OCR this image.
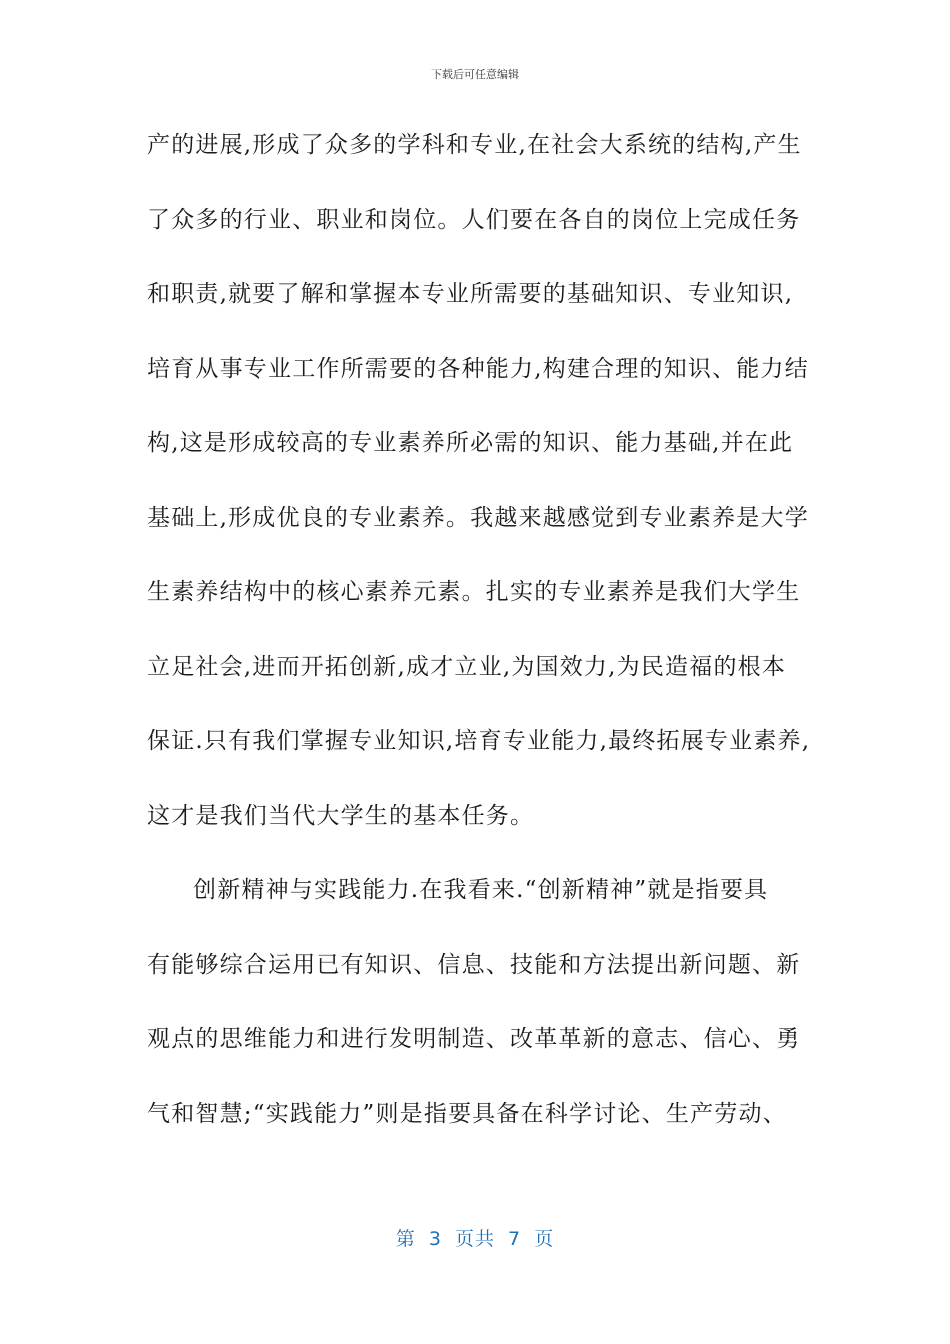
下载后可任意编辑
产的进展,形成了众多的学科和专业,在社会大系统的结构,产生
了众多的行业、职业和岗位。人们要在各自的岗位上完成任务
和职责,就要了解和掌握本专业所需要的基础知识、专业知识,
培育从事专业工作所需要的各种能力,构建合理的知识、能力结
构,这是形成较高的专业素养所必需的知识、能力基础,并在此
基础上,形成优良的专业素养。我越来越感觉到专业素养是大学
生素养结构中的核心素养元素。扎实的专业素养是我们大学生
立足社会,进而开拓创新,成才立业,为国效力,为民造福的根本
保证.只有我们掌握专业知识,培育专业能力,最终拓展专业素养,
这才是我们当代大学生的基本任务。
创新精神与实践能力.在我看来.“创新精神”就是指要具
有能够综合运用已有知识、信息、技能和方法提出新问题、新
观点的思维能力和进行发明制造、改革革新的意志、信心、勇
气和智慧;“实践能力”则是指要具备在科学讨论、生产劳动、
第 3 页共 7 页
